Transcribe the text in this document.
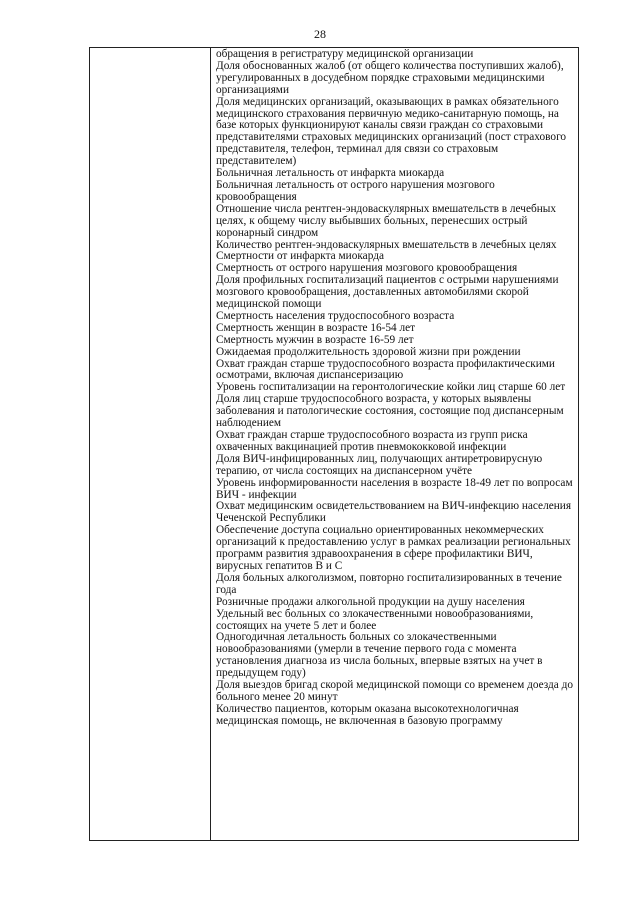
28
обращения в регистратуру медицинской организации
Доля обоснованных жалоб (от общего количества поступивших жалоб), урегулированных в досудебном порядке страховыми медицинскими организациями
Доля медицинских организаций, оказывающих в рамках обязательного медицинского страхования первичную медико-санитарную помощь, на базе которых функционируют каналы связи граждан со страховыми представителями страховых медицинских организаций (пост страхового представителя, телефон, терминал для связи со страховым представителем)
Больничная летальность от инфаркта миокарда
Больничная летальность от острого нарушения мозгового кровообращения
Отношение числа рентген-эндоваскулярных вмешательств в лечебных целях, к общему числу выбывших больных, перенесших острый коронарный синдром
Количество рентген-эндоваскулярных вмешательств в лечебных целях
Смертности от инфаркта миокарда
Смертность от острого нарушения мозгового кровообращения
Доля профильных госпитализаций пациентов с острыми нарушениями мозгового кровообращения, доставленных автомобилями скорой медицинской помощи
Смертность населения трудоспособного возраста
Смертность женщин в возрасте 16-54 лет
Смертность мужчин в возрасте 16-59 лет
Ожидаемая продолжительность здоровой жизни при рождении
Охват граждан старше трудоспособного возраста профилактическими осмотрами, включая диспансеризацию
Уровень госпитализации на геронтологические койки лиц старше 60 лет
Доля лиц старше трудоспособного возраста, у которых выявлены заболевания и патологические состояния, состоящие под диспансерным наблюдением
Охват граждан старше трудоспособного возраста из групп риска охваченных вакцинацией против пневмококковой инфекции
Доля ВИЧ-инфицированных лиц, получающих антиретровирусную терапию, от числа состоящих на диспансерном учёте
Уровень информированности населения в возрасте 18-49 лет по вопросам ВИЧ - инфекции
Охват медицинским освидетельствованием на ВИЧ-инфекцию населения Чеченской Республики
Обеспечение доступа социально ориентированных некоммерческих организаций к предоставлению услуг в рамках реализации региональных программ развития здравоохранения в сфере профилактики ВИЧ, вирусных гепатитов В и С
Доля больных алкоголизмом, повторно госпитализированных в течение года
Розничные продажи алкогольной продукции на душу населения
Удельный вес больных со злокачественными новообразованиями, состоящих на учете 5 лет и более
Одногодичная летальность больных со злокачественными новообразованиями (умерли в течение первого года с момента установления диагноза из числа больных, впервые взятых на учет в предыдущем году)
Доля выездов бригад скорой медицинской помощи со временем доезда до больного менее 20 минут
Количество пациентов, которым оказана высокотехнологичная медицинская помощь, не включенная в базовую программу
